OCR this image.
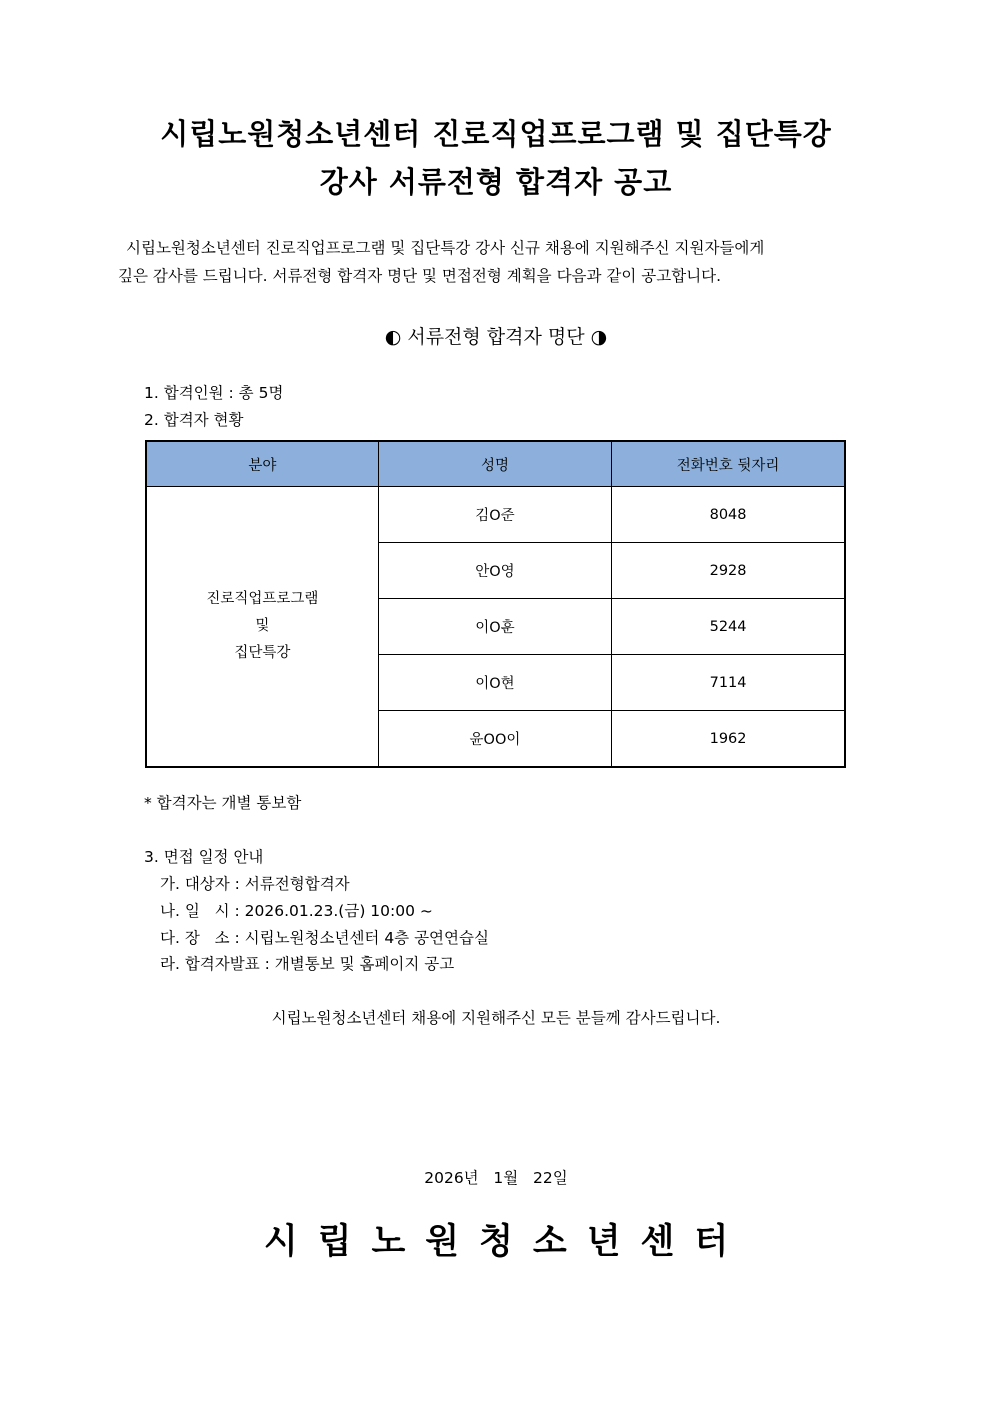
시립노원청소년센터 진로직업프로그램 및 집단특강
강사 서류전형 합격자 공고
시립노원청소년센터 진로직업프로그램 및 집단특강 강사 신규 채용에 지원해주신 지원자들에게
깊은 감사를 드립니다. 서류전형 합격자 명단 및 면접전형 계획을 다음과 같이 공고합니다.
◐ 서류전형 합격자 명단 ◑
1. 합격인원 : 총 5명
2. 합격자 현황
분야	성명	전화번호 뒷자리

진로직업프로그램
및
집단특강	김O준	8048
	안O영	2928
	이O훈	5244
	이O현	7114
	윤OO이	1962
* 합격자는 개별 통보함
3. 면접 일정 안내
가. 대상자 : 서류전형합격자
나. 일   시 : 2026.01.23.(금) 10:00 ~
다. 장   소 : 시립노원청소년센터 4층 공연연습실
라. 합격자발표 : 개별통보 및 홈페이지 공고
시립노원청소년센터 채용에 지원해주신 모든 분들께 감사드립니다.
2026년   1월   22일
시립노원청소년센터
